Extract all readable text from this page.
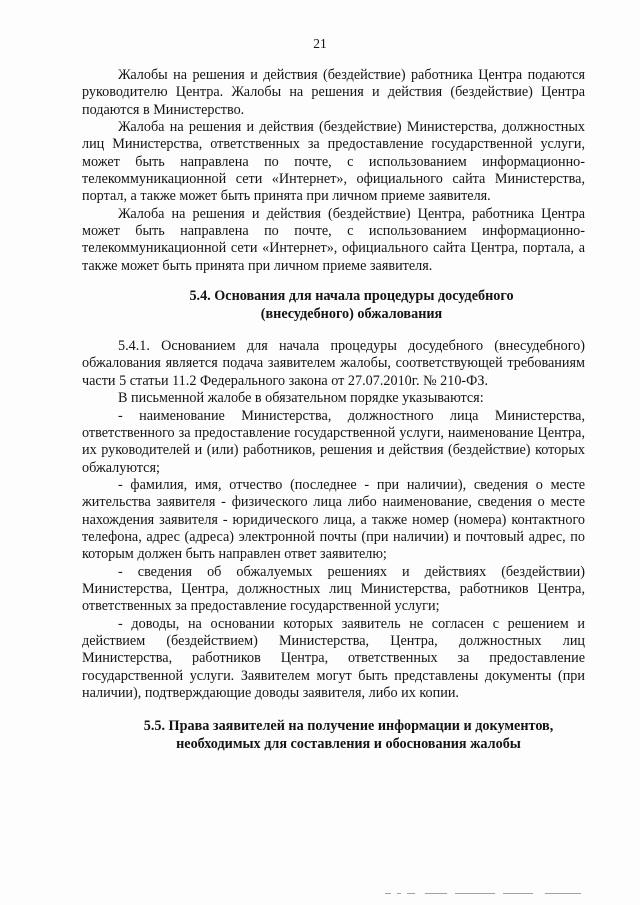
21

Жалобы на решения и действия (бездействие) работника Центра подаются руководителю Центра. Жалобы на решения и действия (бездействие) Центра подаются в Министерство.

Жалоба на решения и действия (бездействие) Министерства, должностных лиц Министерства, ответственных за предоставление государственной услуги, может быть направлена по почте, с использованием информационно-телекоммуникационной сети «Интернет», официального сайта Министерства, портал, а также может быть принята при личном приеме заявителя.

Жалоба на решения и действия (бездействие) Центра, работника Центра может быть направлена по почте, с использованием информационно-телекоммуникационной сети «Интернет», официального сайта Центра, портала, а также может быть принята при личном приеме заявителя.

5.4. Основания для начала процедуры досудебного
(внесудебного) обжалования

5.4.1. Основанием для начала процедуры досудебного (внесудебного) обжалования является подача заявителем жалобы, соответствующей требованиям части 5 статьи 11.2 Федерального закона от 27.07.2010г. № 210-ФЗ.

В письменной жалобе в обязательном порядке указываются:

- наименование Министерства, должностного лица Министерства, ответственного за предоставление государственной услуги, наименование Центра, их руководителей и (или) работников, решения и действия (бездействие) которых обжалуются;

- фамилия, имя, отчество (последнее - при наличии), сведения о месте жительства заявителя - физического лица либо наименование, сведения о месте нахождения заявителя - юридического лица, а также номер (номера) контактного телефона, адрес (адреса) электронной почты (при наличии) и почтовый адрес, по которым должен быть направлен ответ заявителю;

- сведения об обжалуемых решениях и действиях (бездействии) Министерства, Центра, должностных лиц Министерства, работников Центра, ответственных за предоставление государственной услуги;

- доводы, на основании которых заявитель не согласен с решением и действием (бездействием) Министерства, Центра, должностных лиц Министерства, работников Центра, ответственных за предоставление государственной услуги. Заявителем могут быть представлены документы (при наличии), подтверждающие доводы заявителя, либо их копии.

5.5. Права заявителей на получение информации и документов,
необходимых для составления и обоснования жалобы
